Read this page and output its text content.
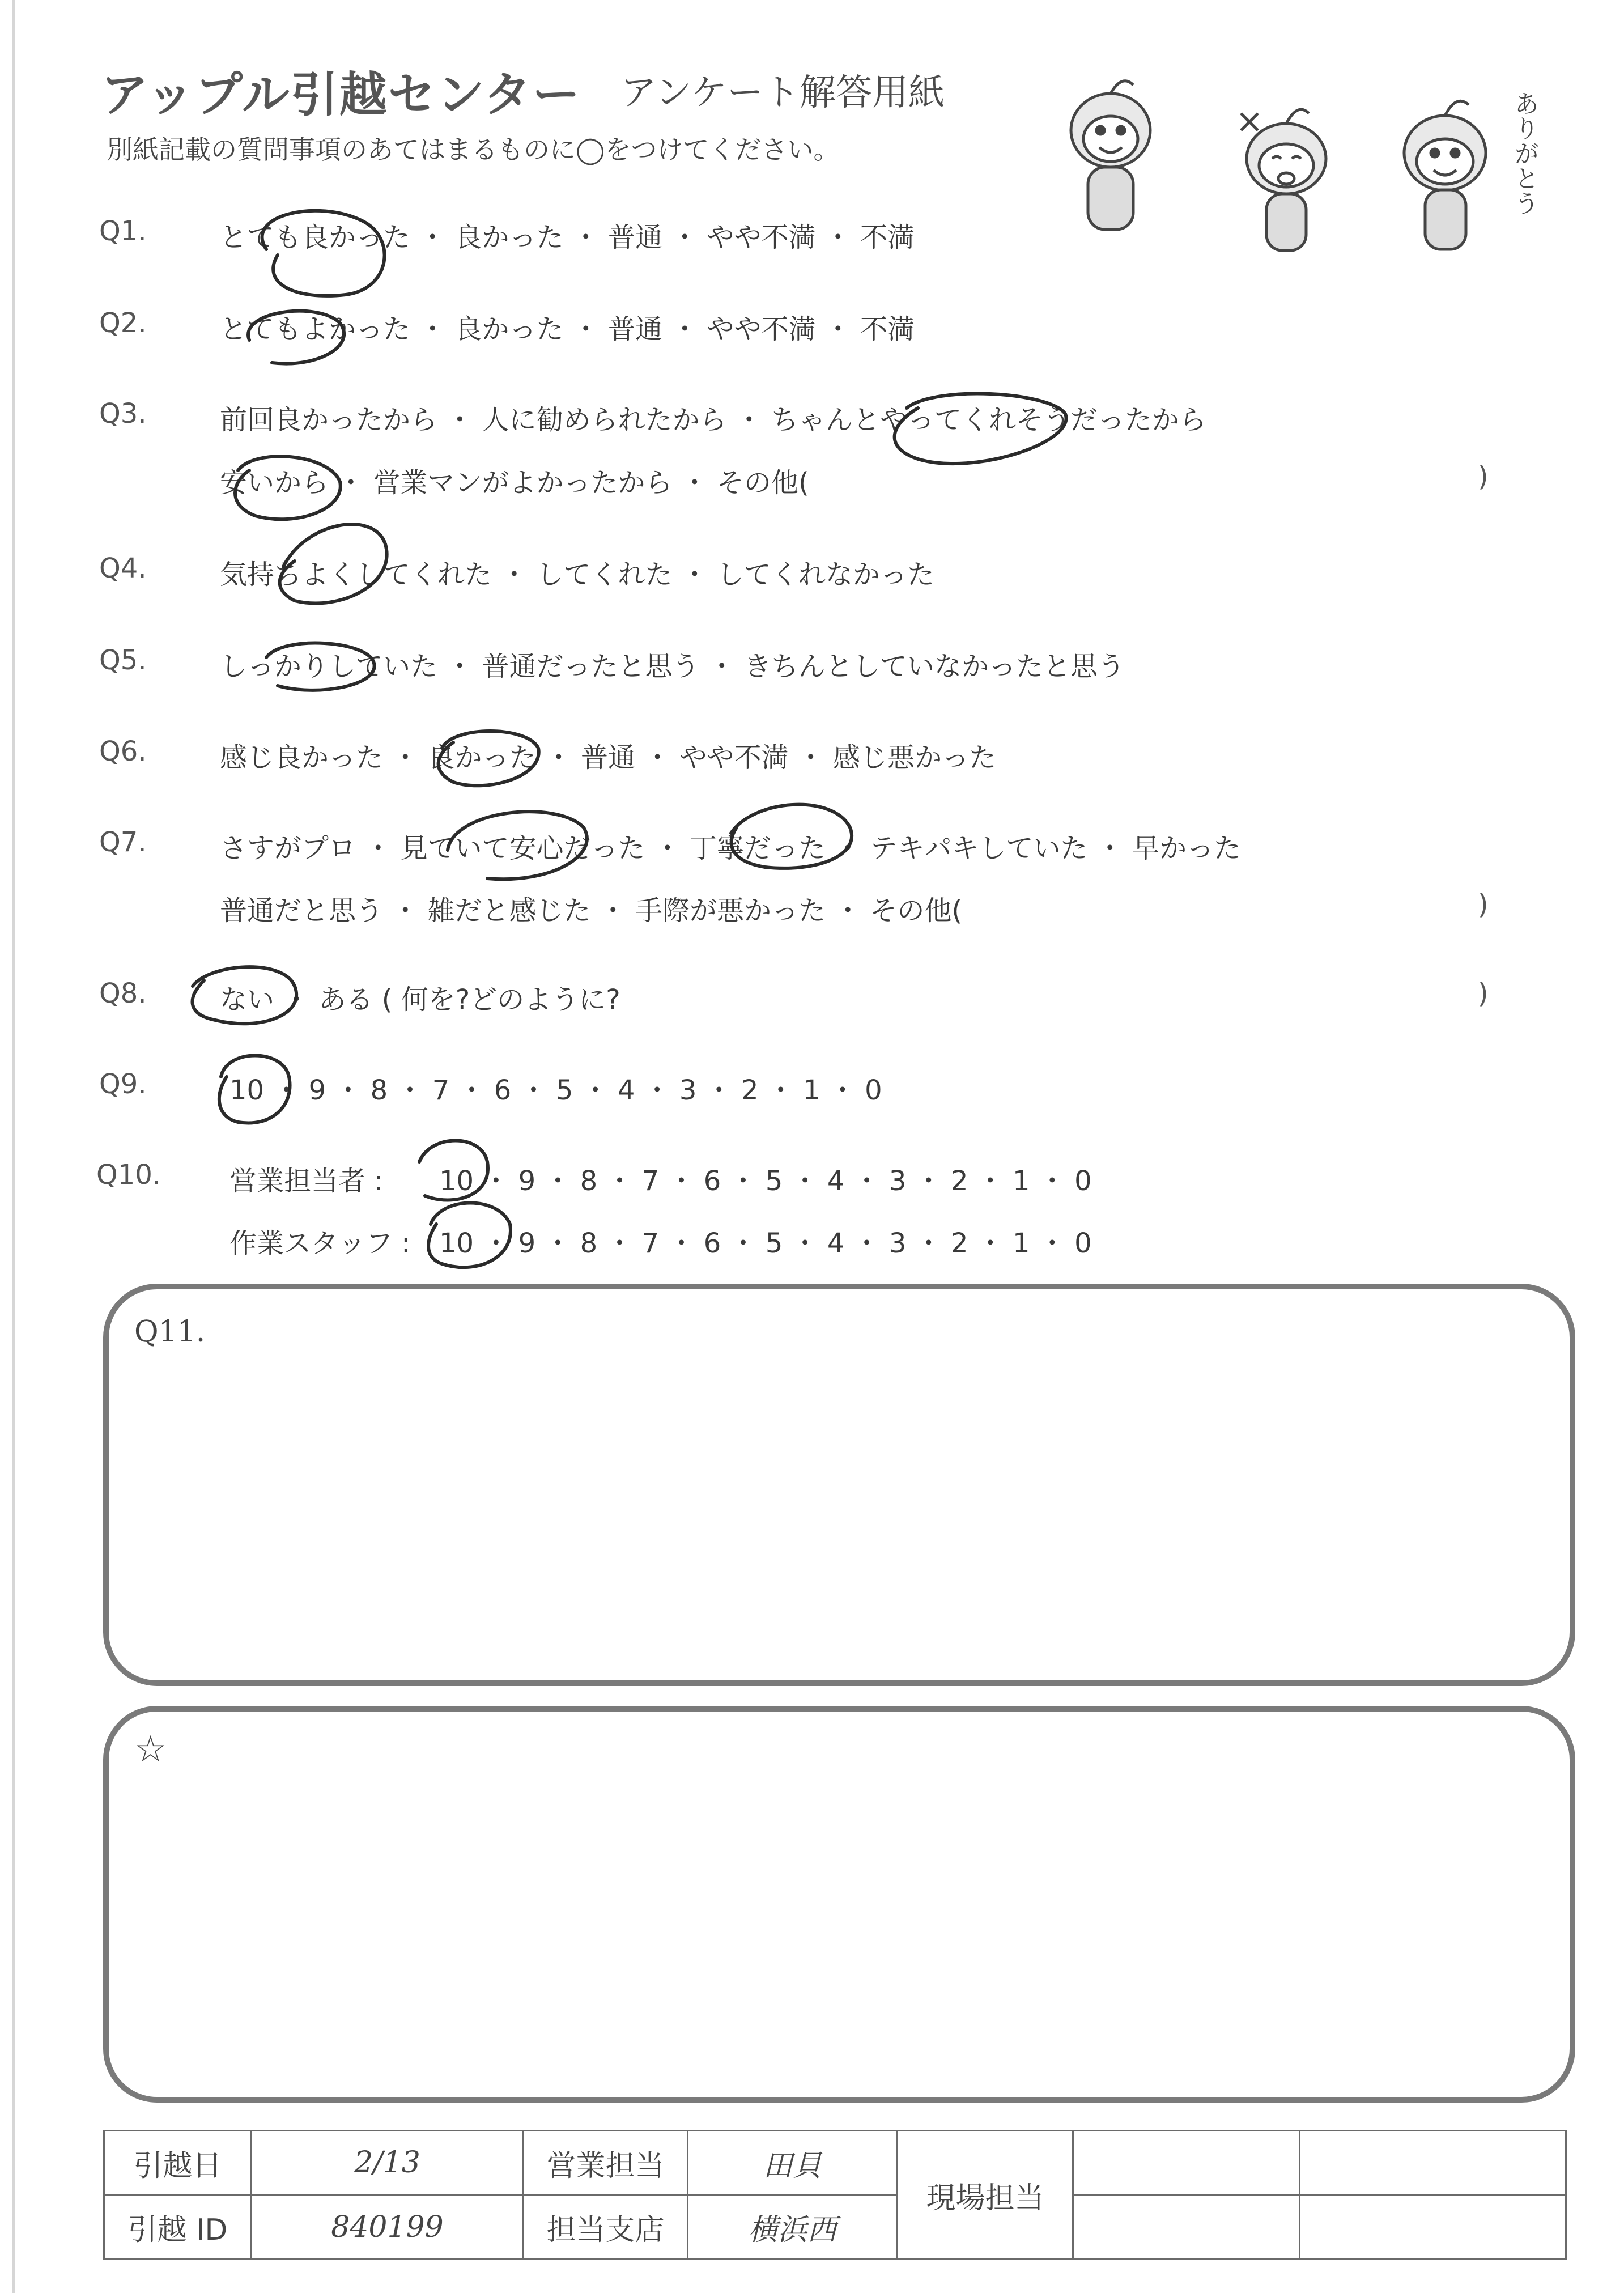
アップル引越センター アンケート解答用紙
別紙記載の質問事項のあてはまるものに◯をつけてください。	ありがとう
Q1.	とても良かった ・ 良かった ・ 普通 ・ やや不満 ・ 不満
Q2.	とてもよかった ・ 良かった ・ 普通 ・ やや不満 ・ 不満
Q3.	前回良かったから ・ 人に勧められたから ・ ちゃんとやってくれそうだったから
安いから ・ 営業マンがよかったから ・ その他(	)
Q4.	気持ちよくしてくれた ・ してくれた ・ してくれなかった
Q5.	しっかりしていた ・ 普通だったと思う ・ きちんとしていなかったと思う
Q6.	感じ良かった ・ 良かった ・ 普通 ・ やや不満 ・ 感じ悪かった
Q7.	さすがプロ ・ 見ていて安心だった ・ 丁寧だった ・ テキパキしていた ・ 早かった
普通だと思う ・ 雑だと感じた ・ 手際が悪かった ・ その他(	)
Q8.	ない ・ ある ( 何を?どのように?	)
Q9.	10 ・ 9 ・ 8 ・ 7 ・ 6 ・ 5 ・ 4 ・ 3 ・ 2 ・ 1 ・ 0
Q10.	営業担当者 : 10 ・ 9 ・ 8 ・ 7 ・ 6 ・ 5 ・ 4 ・ 3 ・ 2 ・ 1 ・ 0
作業スタッフ : 10 ・ 9 ・ 8 ・ 7 ・ 6 ・ 5 ・ 4 ・ 3 ・ 2 ・ 1 ・ 0
Q11.
☆
引越日	2/13	営業担当	田貝	現場担当		
引越 ID	840199	担当支店	横浜西			
